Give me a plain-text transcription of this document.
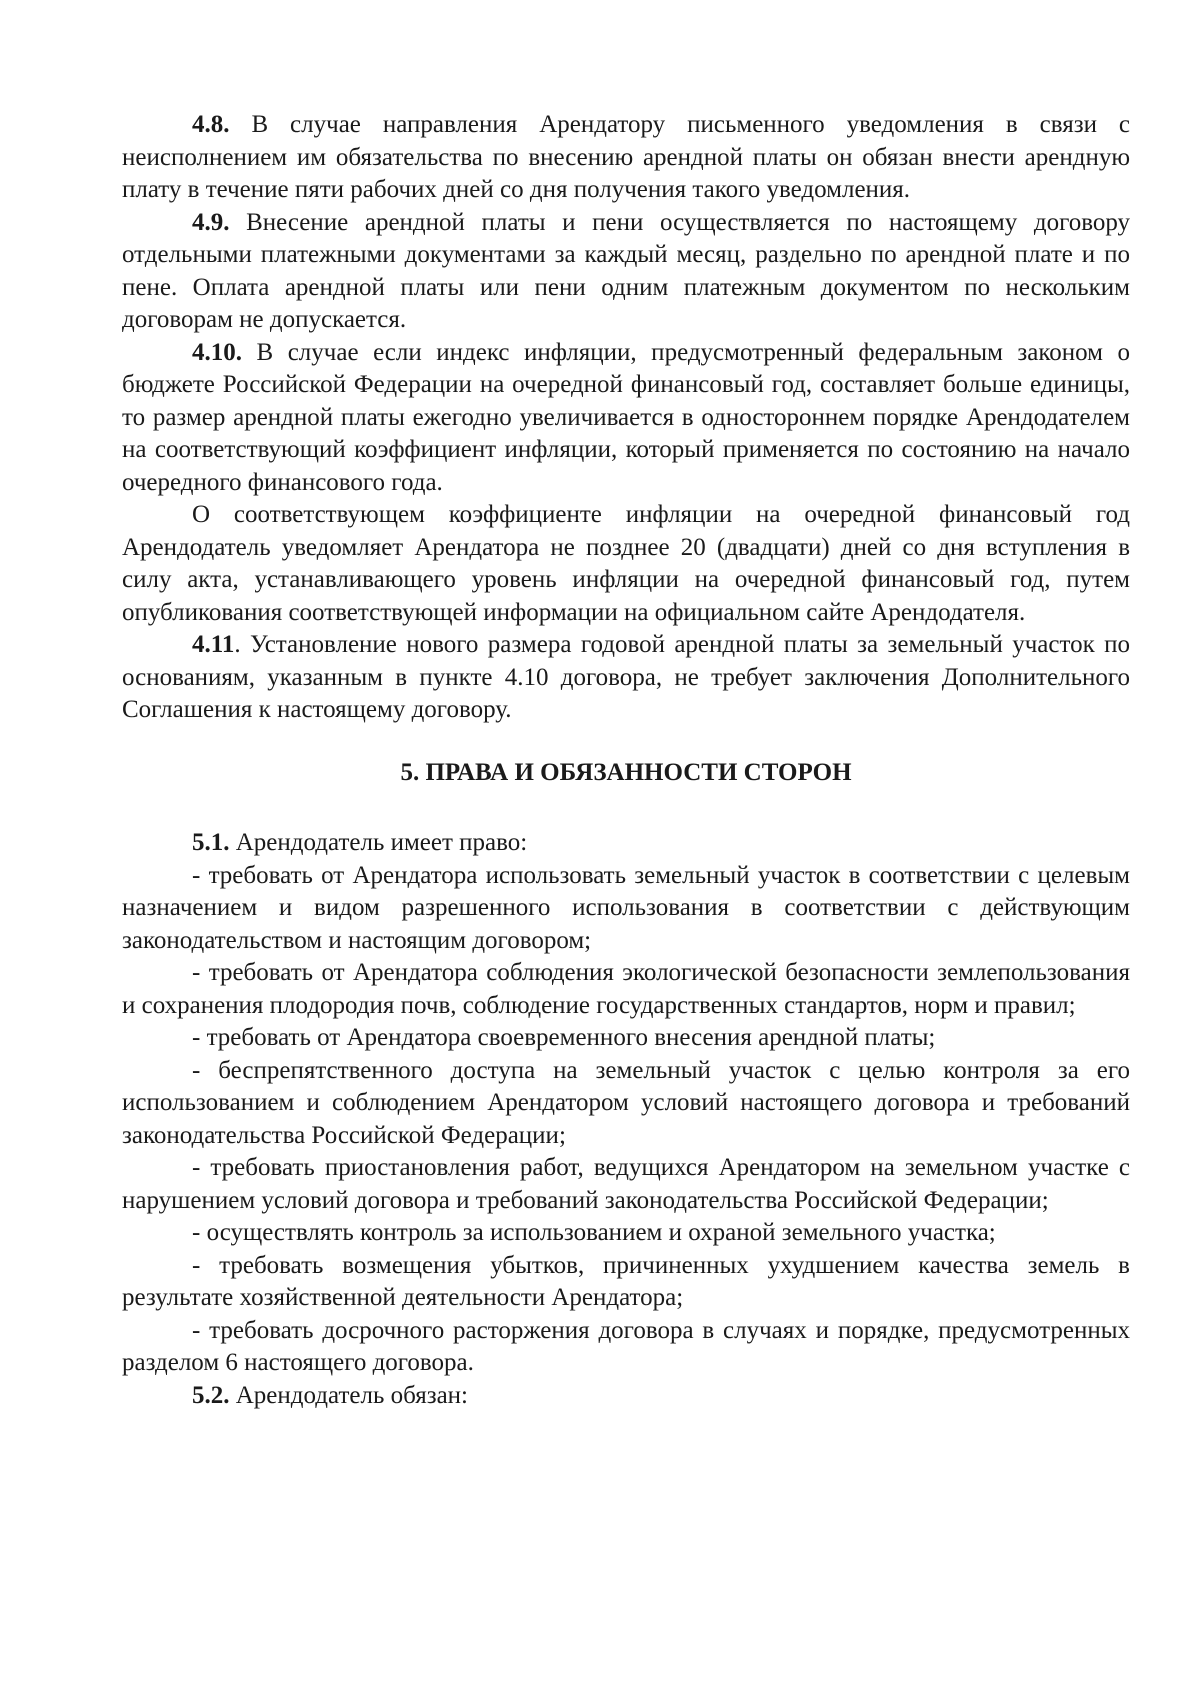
4.8. В случае направления Арендатору письменного уведомления в связи с неисполнением им обязательства по внесению арендной платы он обязан внести арендную плату в течение пяти рабочих дней со дня получения такого уведомления.

4.9. Внесение арендной платы и пени осуществляется по настоящему договору отдельными платежными документами за каждый месяц, раздельно по арендной плате и по пене. Оплата арендной платы или пени одним платежным документом по нескольким договорам не допускается.

4.10. В случае если индекс инфляции, предусмотренный федеральным законом о бюджете Российской Федерации на очередной финансовый год, составляет больше единицы, то размер арендной платы ежегодно увеличивается в одностороннем порядке Арендодателем на соответствующий коэффициент инфляции, который применяется по состоянию на начало очередного финансового года.

О соответствующем коэффициенте инфляции на очередной финансовый год Арендодатель уведомляет Арендатора не позднее 20 (двадцати) дней со дня вступления в силу акта, устанавливающего уровень инфляции на очередной финансовый год, путем опубликования соответствующей информации на официальном сайте Арендодателя.

4.11. Установление нового размера годовой арендной платы за земельный участок по основаниям, указанным в пункте 4.10 договора, не требует заключения Дополнительного Соглашения к настоящему договору.

5. ПРАВА И ОБЯЗАННОСТИ СТОРОН

5.1. Арендодатель имеет право:

- требовать от Арендатора использовать земельный участок в соответствии с целевым назначением и видом разрешенного использования в соответствии с действующим законодательством и настоящим договором;

- требовать от Арендатора соблюдения экологической безопасности землепользования и сохранения плодородия почв, соблюдение государственных стандартов, норм и правил;

- требовать от Арендатора своевременного внесения арендной платы;

- беспрепятственного доступа на земельный участок с целью контроля за его использованием и соблюдением Арендатором условий настоящего договора и требований законодательства Российской Федерации;

- требовать приостановления работ, ведущихся Арендатором на земельном участке с нарушением условий договора и требований законодательства Российской Федерации;

- осуществлять контроль за использованием и охраной земельного участка;

- требовать возмещения убытков, причиненных ухудшением качества земель в результате хозяйственной деятельности Арендатора;

- требовать досрочного расторжения договора в случаях и порядке, предусмотренных разделом 6 настоящего договора.

5.2. Арендодатель обязан:
